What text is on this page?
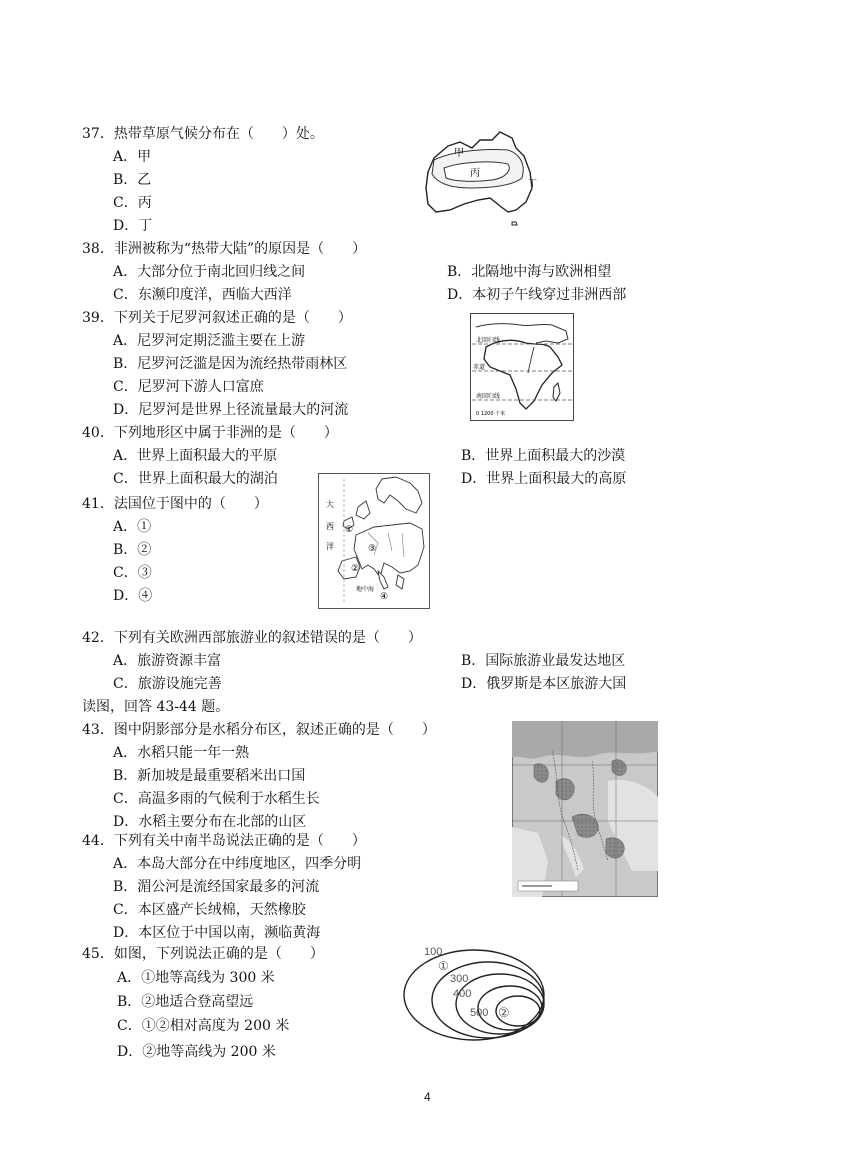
37．热带草原气候分布在（　　）处。
A．甲
B．乙
C．丙
D．丁
甲
丙
丁
38．非洲被称为“热带大陆”的原因是（　　）
A．大部分位于南北回归线之间	B．北隔地中海与欧洲相望
C．东濒印度洋，西临大西洋	D．本初子午线穿过非洲西部
39．下列关于尼罗河叙述正确的是（　　）
A．尼罗河定期泛滥主要在上游
B．尼罗河泛滥是因为流经热带雨林区
C．尼罗河下游人口富庶
D．尼罗河是世界上径流量最大的河流
北回归线
赤道
南回归线
0 1200 千米
40．下列地形区中属于非洲的是（　　）
A．世界上面积最大的平原	B．世界上面积最大的沙漠
C．世界上面积最大的湖泊	D．世界上面积最大的高原
41．法国位于图中的（　　）
A．①
B．②
C．③
D．④
大
西
洋
①
②
③
④
地中海
42．下列有关欧洲西部旅游业的叙述错误的是（　　）
A．旅游资源丰富	B．国际旅游业最发达地区
C．旅游设施完善	D．俄罗斯是本区旅游大国
读图，回答 43-44 题。
43．图中阴影部分是水稻分布区，叙述正确的是（　　）
A．水稻只能一年一熟
B．新加坡是最重要稻米出口国
C．高温多雨的气候利于水稻生长
D．水稻主要分布在北部的山区
44．下列有关中南半岛说法正确的是（　　）
A．本岛大部分在中纬度地区，四季分明
B．湄公河是流经国家最多的河流
C．本区盛产长绒棉，天然橡胶
D．本区位于中国以南，濒临黄海
45．如图，下列说法正确的是（　　）
A．①地等高线为 300 米
B．②地适合登高望远
C．①②相对高度为 200 米
D．②地等高线为 200 米
100
①
300
400
500 ②
4
